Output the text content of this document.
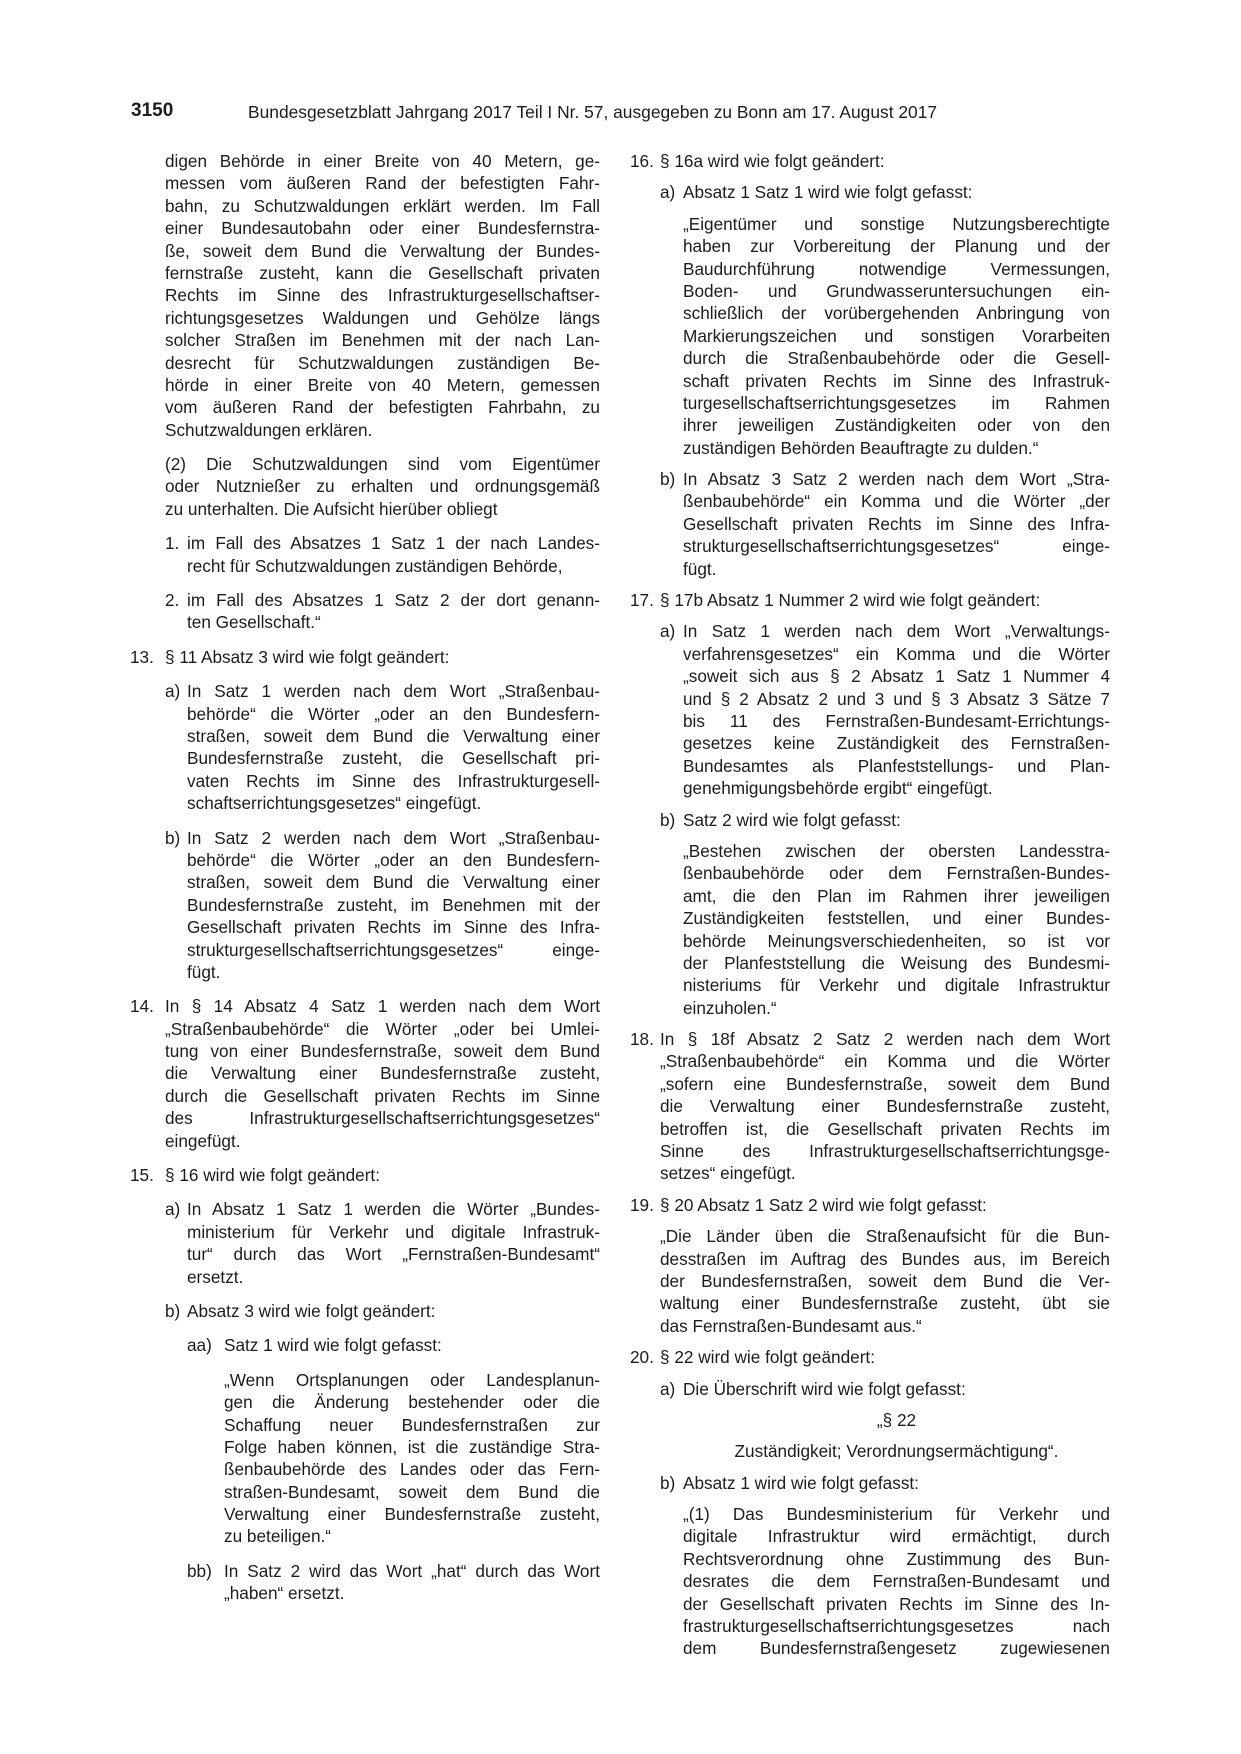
3150	Bundesgesetzblatt Jahrgang 2017 Teil I Nr. 57, ausgegeben zu Bonn am 17. August 2017
digen Behörde in einer Breite von 40 Metern, ge-
messen vom äußeren Rand der befestigten Fahr-
bahn, zu Schutzwaldungen erklärt werden. Im Fall
einer Bundesautobahn oder einer Bundesfernstra-
ße, soweit dem Bund die Verwaltung der Bundes-
fernstraße zusteht, kann die Gesellschaft privaten
Rechts im Sinne des Infrastrukturgesellschaftser-
richtungsgesetzes Waldungen und Gehölze längs
solcher Straßen im Benehmen mit der nach Lan-
desrecht für Schutzwaldungen zuständigen Be-
hörde in einer Breite von 40 Metern, gemessen
vom äußeren Rand der befestigten Fahrbahn, zu
Schutzwaldungen erklären.
(2) Die Schutzwaldungen sind vom Eigentümer
oder Nutznießer zu erhalten und ordnungsgemäß
zu unterhalten. Die Aufsicht hierüber obliegt
1. im Fall des Absatzes 1 Satz 1 der nach Landes-
recht für Schutzwaldungen zuständigen Behörde,
2. im Fall des Absatzes 1 Satz 2 der dort genann-
ten Gesellschaft.“
13. § 11 Absatz 3 wird wie folgt geändert:
a) In Satz 1 werden nach dem Wort „Straßenbau-
behörde“ die Wörter „oder an den Bundesfern-
straßen, soweit dem Bund die Verwaltung einer
Bundesfernstraße zusteht, die Gesellschaft pri-
vaten Rechts im Sinne des Infrastrukturgesell-
schaftserrichtungsgesetzes“ eingefügt.
b) In Satz 2 werden nach dem Wort „Straßenbau-
behörde“ die Wörter „oder an den Bundesfern-
straßen, soweit dem Bund die Verwaltung einer
Bundesfernstraße zusteht, im Benehmen mit der
Gesellschaft privaten Rechts im Sinne des Infra-
strukturgesellschaftserrichtungsgesetzes“ einge-
fügt.
14. In § 14 Absatz 4 Satz 1 werden nach dem Wort
„Straßenbaubehörde“ die Wörter „oder bei Umlei-
tung von einer Bundesfernstraße, soweit dem Bund
die Verwaltung einer Bundesfernstraße zusteht,
durch die Gesellschaft privaten Rechts im Sinne
des Infrastrukturgesellschaftserrichtungsgesetzes“
eingefügt.
15. § 16 wird wie folgt geändert:
a) In Absatz 1 Satz 1 werden die Wörter „Bundes-
ministerium für Verkehr und digitale Infrastruk-
tur“ durch das Wort „Fernstraßen-Bundesamt“
ersetzt.
b) Absatz 3 wird wie folgt geändert:
aa) Satz 1 wird wie folgt gefasst:
„Wenn Ortsplanungen oder Landesplanun-
gen die Änderung bestehender oder die
Schaffung neuer Bundesfernstraßen zur
Folge haben können, ist die zuständige Stra-
ßenbaubehörde des Landes oder das Fern-
straßen-Bundesamt, soweit dem Bund die
Verwaltung einer Bundesfernstraße zusteht,
zu beteiligen.“
bb) In Satz 2 wird das Wort „hat“ durch das Wort
„haben“ ersetzt.
16. § 16a wird wie folgt geändert:
a) Absatz 1 Satz 1 wird wie folgt gefasst:
„Eigentümer und sonstige Nutzungsberechtigte
haben zur Vorbereitung der Planung und der
Baudurchführung notwendige Vermessungen,
Boden- und Grundwasseruntersuchungen ein-
schließlich der vorübergehenden Anbringung von
Markierungszeichen und sonstigen Vorarbeiten
durch die Straßenbaubehörde oder die Gesell-
schaft privaten Rechts im Sinne des Infrastruk-
turgesellschaftserrichtungsgesetzes im Rahmen
ihrer jeweiligen Zuständigkeiten oder von den
zuständigen Behörden Beauftragte zu dulden.“
b) In Absatz 3 Satz 2 werden nach dem Wort „Stra-
ßenbaubehörde“ ein Komma und die Wörter „der
Gesellschaft privaten Rechts im Sinne des Infra-
strukturgesellschaftserrichtungsgesetzes“ einge-
fügt.
17. § 17b Absatz 1 Nummer 2 wird wie folgt geändert:
a) In Satz 1 werden nach dem Wort „Verwaltungs-
verfahrensgesetzes“ ein Komma und die Wörter
„soweit sich aus § 2 Absatz 1 Satz 1 Nummer 4
und § 2 Absatz 2 und 3 und § 3 Absatz 3 Sätze 7
bis 11 des Fernstraßen-Bundesamt-Errichtungs-
gesetzes keine Zuständigkeit des Fernstraßen-
Bundesamtes als Planfeststellungs- und Plan-
genehmigungsbehörde ergibt“ eingefügt.
b) Satz 2 wird wie folgt gefasst:
„Bestehen zwischen der obersten Landesstra-
ßenbaubehörde oder dem Fernstraßen-Bundes-
amt, die den Plan im Rahmen ihrer jeweiligen
Zuständigkeiten feststellen, und einer Bundes-
behörde Meinungsverschiedenheiten, so ist vor
der Planfeststellung die Weisung des Bundesmi-
nisteriums für Verkehr und digitale Infrastruktur
einzuholen.“
18. In § 18f Absatz 2 Satz 2 werden nach dem Wort
„Straßenbaubehörde“ ein Komma und die Wörter
„sofern eine Bundesfernstraße, soweit dem Bund
die Verwaltung einer Bundesfernstraße zusteht,
betroffen ist, die Gesellschaft privaten Rechts im
Sinne des Infrastrukturgesellschaftserrichtungsge-
setzes“ eingefügt.
19. § 20 Absatz 1 Satz 2 wird wie folgt gefasst:
„Die Länder üben die Straßenaufsicht für die Bun-
desstraßen im Auftrag des Bundes aus, im Bereich
der Bundesfernstraßen, soweit dem Bund die Ver-
waltung einer Bundesfernstraße zusteht, übt sie
das Fernstraßen-Bundesamt aus.“
20. § 22 wird wie folgt geändert:
a) Die Überschrift wird wie folgt gefasst:
„§ 22
Zuständigkeit; Verordnungsermächtigung“.
b) Absatz 1 wird wie folgt gefasst:
„(1) Das Bundesministerium für Verkehr und
digitale Infrastruktur wird ermächtigt, durch
Rechtsverordnung ohne Zustimmung des Bun-
desrates die dem Fernstraßen-Bundesamt und
der Gesellschaft privaten Rechts im Sinne des In-
frastrukturgesellschaftserrichtungsgesetzes nach
dem Bundesfernstraßengesetz zugewiesenen
